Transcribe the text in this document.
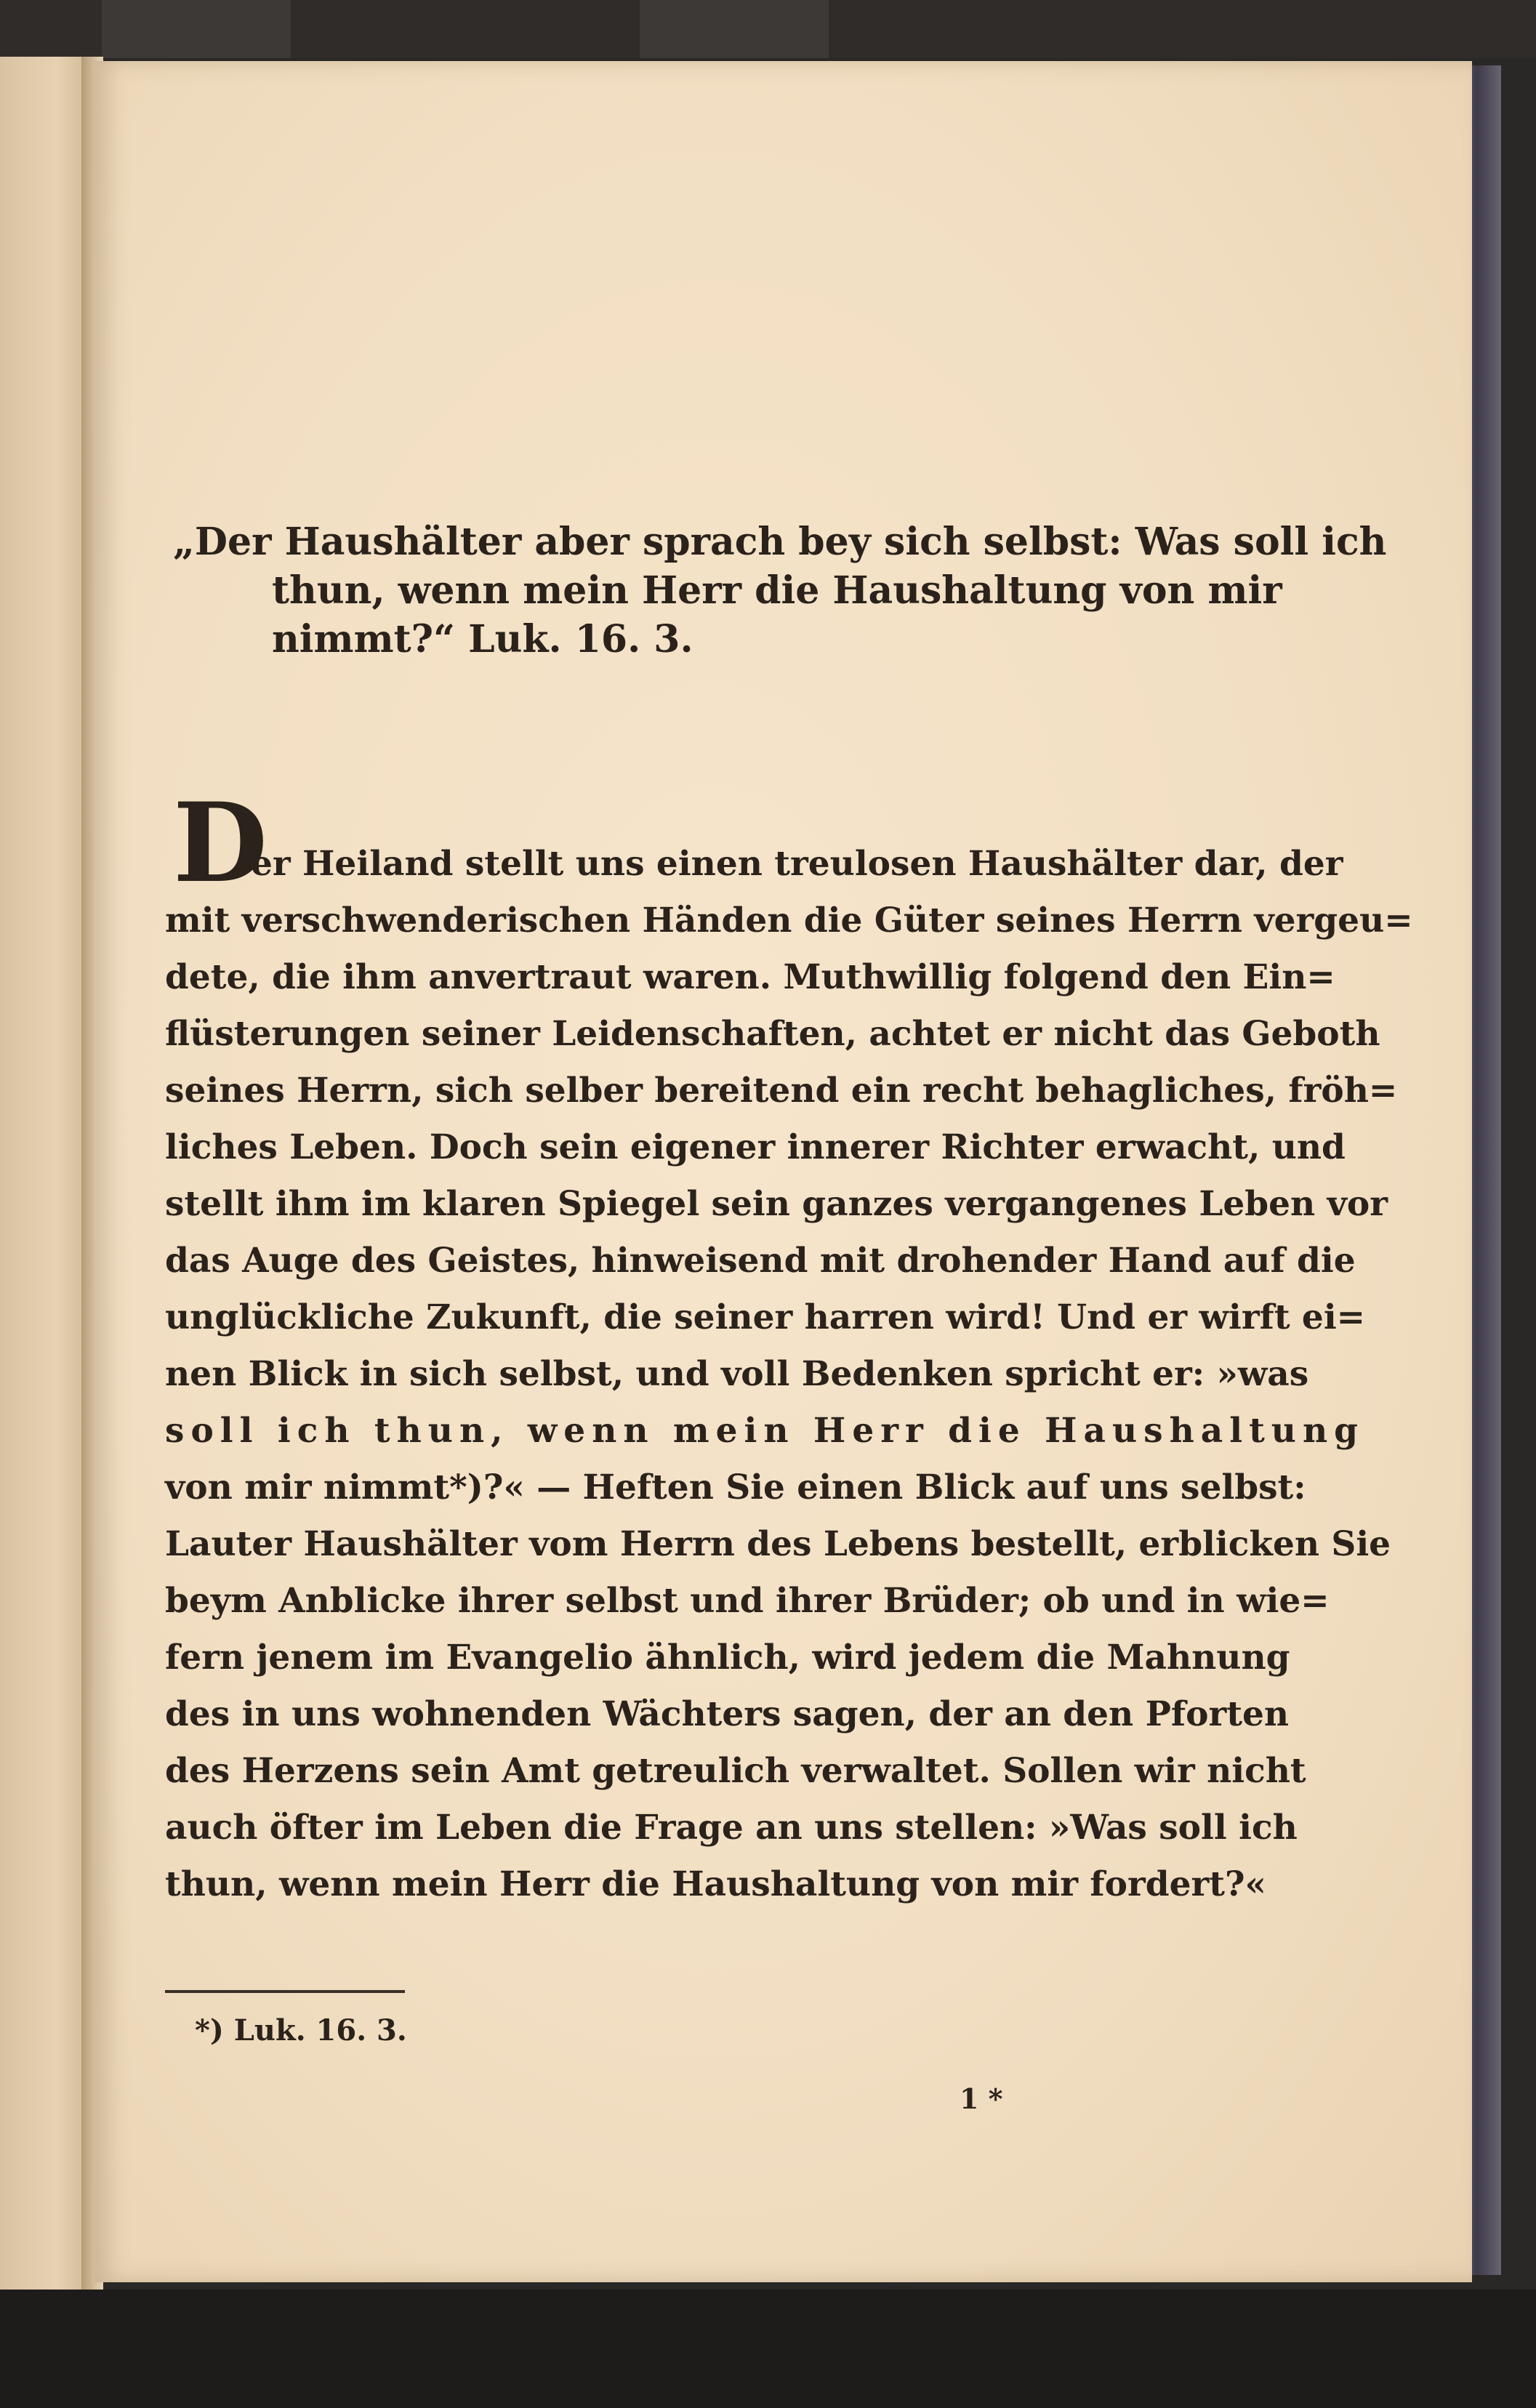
„Der Haushälter aber sprach bey sich selbst: Was soll ich
thun, wenn mein Herr die Haushaltung von mir
nimmt?“ Luk. 16. 3.
D
er Heiland stellt uns einen treulosen Haushälter dar, der
mit verschwenderischen Händen die Güter seines Herrn vergeu=
dete, die ihm anvertraut waren. Muthwillig folgend den Ein=
flüsterungen seiner Leidenschaften, achtet er nicht das Geboth
seines Herrn, sich selber bereitend ein recht behagliches, fröh=
liches Leben. Doch sein eigener innerer Richter erwacht, und
stellt ihm im klaren Spiegel sein ganzes vergangenes Leben vor
das Auge des Geistes, hinweisend mit drohender Hand auf die
unglückliche Zukunft, die seiner harren wird! Und er wirft ei=
nen Blick in sich selbst, und voll Bedenken spricht er: »was
soll ich thun, wenn mein Herr die Haushaltung
von mir nimmt*)?« — Heften Sie einen Blick auf uns selbst:
Lauter Haushälter vom Herrn des Lebens bestellt, erblicken Sie
beym Anblicke ihrer selbst und ihrer Brüder; ob und in wie=
fern jenem im Evangelio ähnlich, wird jedem die Mahnung
des in uns wohnenden Wächters sagen, der an den Pforten
des Herzens sein Amt getreulich verwaltet. Sollen wir nicht
auch öfter im Leben die Frage an uns stellen: »Was soll ich
thun, wenn mein Herr die Haushaltung von mir fordert?«
*) Luk. 16. 3.
1 *
